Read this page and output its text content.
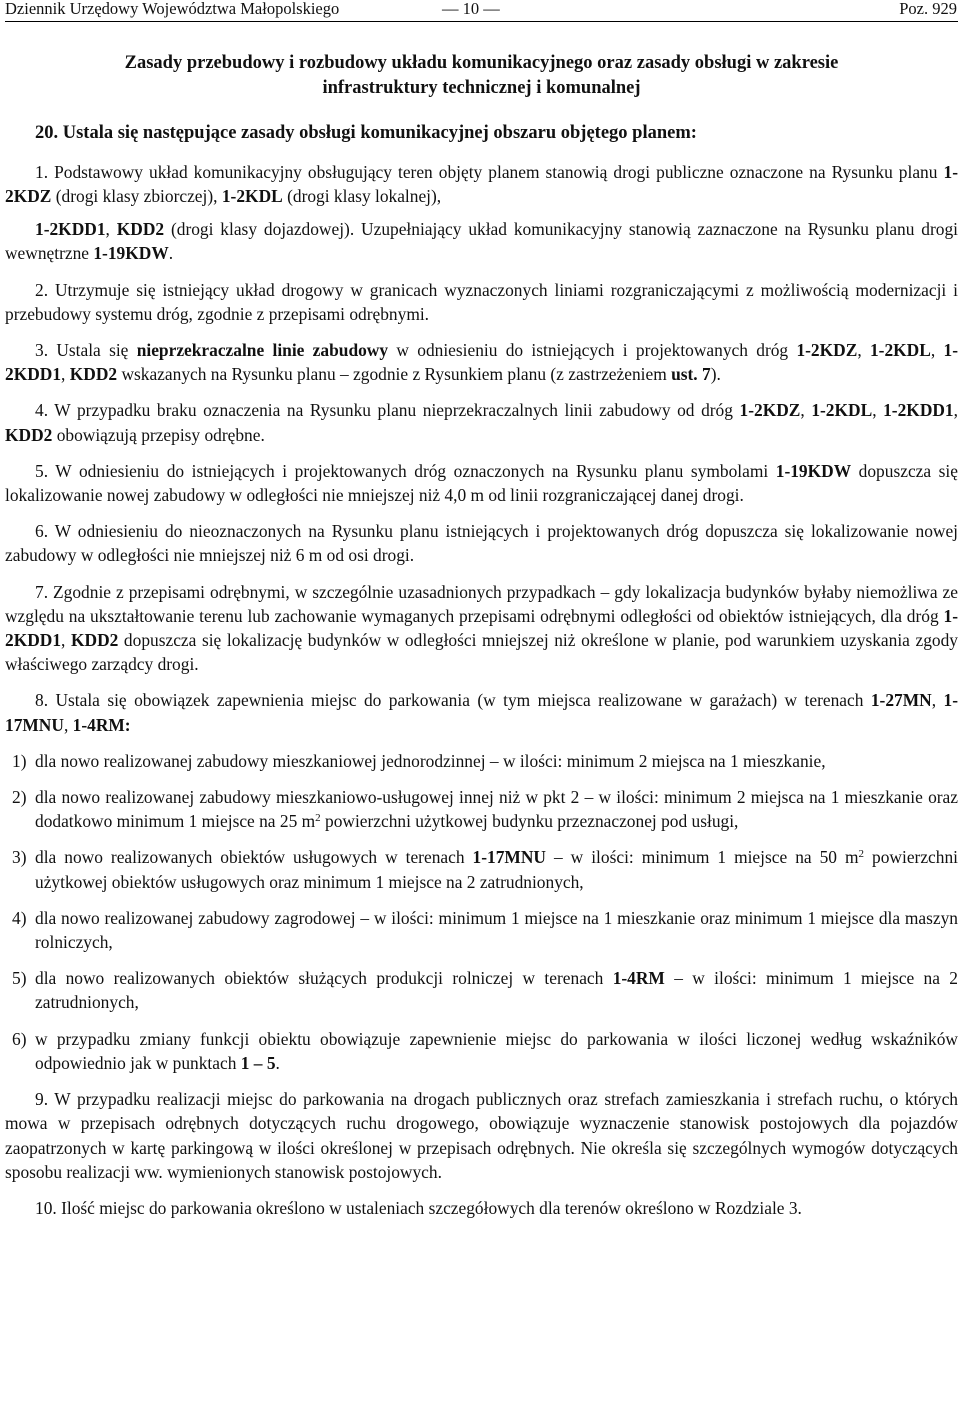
Dziennik Urzędowy Województwa Małopolskiego	— 10 —	Poz. 929
Zasady przebudowy i rozbudowy układu komunikacyjnego oraz zasady obsługi w zakresie
infrastruktury technicznej i komunalnej
20. Ustala się następujące zasady obsługi komunikacyjnej obszaru objętego planem:

1. Podstawowy układ komunikacyjny obsługujący teren objęty planem stanowią drogi publiczne oznaczone na Rysunku planu 1-2KDZ (drogi klasy zbiorczej), 1-2KDL (drogi klasy lokalnej),
1-2KDD1, KDD2 (drogi klasy dojazdowej). Uzupełniający układ komunikacyjny stanowią zaznaczone na Rysunku planu drogi wewnętrzne 1-19KDW.

2. Utrzymuje się istniejący układ drogowy w granicach wyznaczonych liniami rozgraniczającymi z możliwością modernizacji i przebudowy systemu dróg, zgodnie z przepisami odrębnymi.

3. Ustala się nieprzekraczalne linie zabudowy w odniesieniu do istniejących i projektowanych dróg 1-2KDZ, 1-2KDL, 1-2KDD1, KDD2 wskazanych na Rysunku planu – zgodnie z Rysunkiem planu (z zastrzeżeniem ust. 7).

4. W przypadku braku oznaczenia na Rysunku planu nieprzekraczalnych linii zabudowy od dróg 1-2KDZ, 1-2KDL, 1-2KDD1, KDD2 obowiązują przepisy odrębne.

5. W odniesieniu do istniejących i projektowanych dróg oznaczonych na Rysunku planu symbolami 1-19KDW dopuszcza się lokalizowanie nowej zabudowy w odległości nie mniejszej niż 4,0 m od linii rozgraniczającej danej drogi.

6. W odniesieniu do nieoznaczonych na Rysunku planu istniejących i projektowanych dróg dopuszcza się lokalizowanie nowej zabudowy w odległości nie mniejszej niż 6 m od osi drogi.

7. Zgodnie z przepisami odrębnymi, w szczególnie uzasadnionych przypadkach – gdy lokalizacja budynków byłaby niemożliwa ze względu na ukształtowanie terenu lub zachowanie wymaganych przepisami odrębnymi odległości od obiektów istniejących, dla dróg 1-2KDD1, KDD2 dopuszcza się lokalizację budynków w odległości mniejszej niż określone w planie, pod warunkiem uzyskania zgody właściwego zarządcy drogi.

8. Ustala się obowiązek zapewnienia miejsc do parkowania (w tym miejsca realizowane w garażach) w terenach 1-27MN, 1-17MNU, 1-4RM:

1) dla nowo realizowanej zabudowy mieszkaniowej jednorodzinnej – w ilości: minimum 2 miejsca na 1 mieszkanie,
2) dla nowo realizowanej zabudowy mieszkaniowo-usługowej innej niż w pkt 2 – w ilości: minimum 2 miejsca na 1 mieszkanie oraz dodatkowo minimum 1 miejsce na 25 $m^2$ powierzchni użytkowej budynku przeznaczonej pod usługi,
3) dla nowo realizowanych obiektów usługowych w terenach 1-17MNU – w ilości: minimum 1 miejsce na 50 $m^2$ powierzchni użytkowej obiektów usługowych oraz minimum 1 miejsce na 2 zatrudnionych,
4) dla nowo realizowanej zabudowy zagrodowej – w ilości: minimum 1 miejsce na 1 mieszkanie oraz minimum 1 miejsce dla maszyn rolniczych,
5) dla nowo realizowanych obiektów służących produkcji rolniczej w terenach 1-4RM – w ilości: minimum 1 miejsce na 2 zatrudnionych,
6) w przypadku zmiany funkcji obiektu obowiązuje zapewnienie miejsc do parkowania w ilości liczonej według wskaźników odpowiednio jak w punktach 1 – 5.

9. W przypadku realizacji miejsc do parkowania na drogach publicznych oraz strefach zamieszkania i strefach ruchu, o których mowa w przepisach odrębnych dotyczących ruchu drogowego, obowiązuje wyznaczenie stanowisk postojowych dla pojazdów zaopatrzonych w kartę parkingową w ilości określonej w przepisach odrębnych. Nie określa się szczególnych wymogów dotyczących sposobu realizacji ww. wymienionych stanowisk postojowych.

10. Ilość miejsc do parkowania określono w ustaleniach szczegółowych dla terenów określono w Rozdziale 3.
